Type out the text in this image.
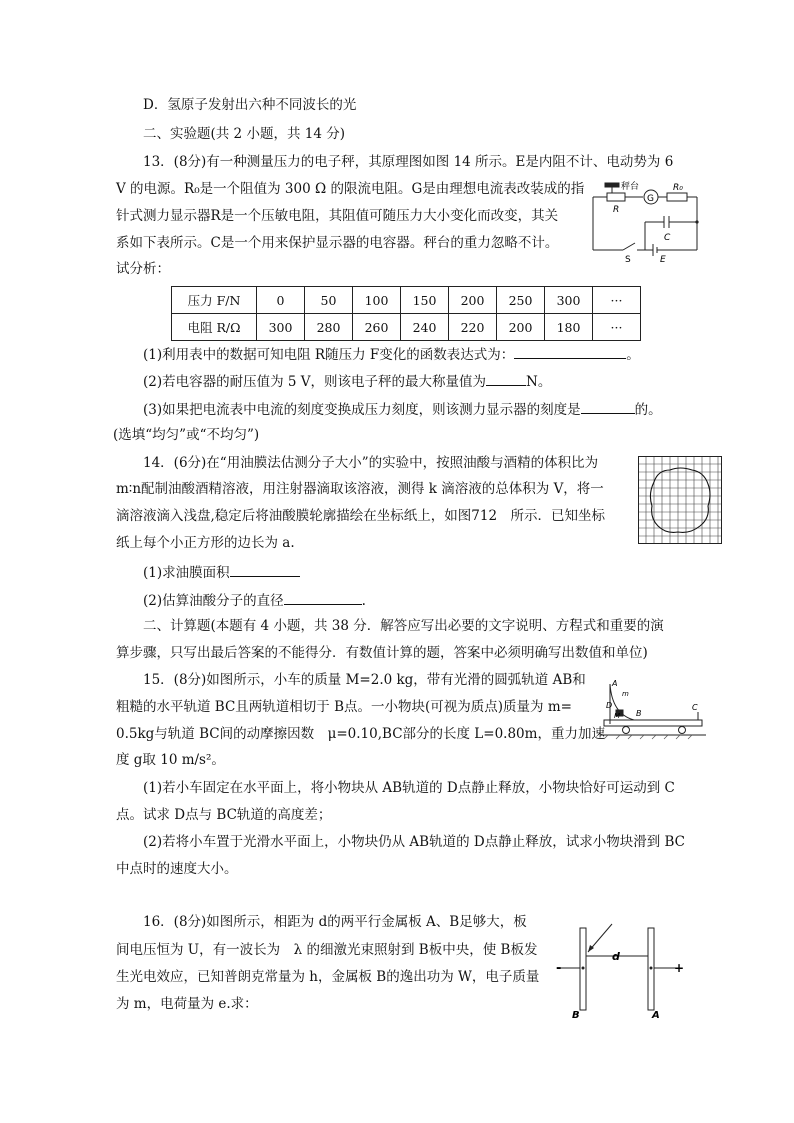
D．氢原子发射出六种不同波长的光
二、实验题(共 2 小题，共 14 分)
13．(8分)有一种测量压力的电子秤，其原理图如图 14 所示。E是内阻不计、电动势为 6
V 的电源。R₀是一个阻值为 300 Ω 的限流电阻。G是由理想电流表改装成的指
针式测力显示器R是一个压敏电阻，其阻值可随压力大小变化而改变，其关
系如下表所示。C是一个用来保护显示器的电容器。秤台的重力忽略不计。
试分析：
秤台	R₀
G
R
C
S	E
压力 F/N	0	50	100	150	200	250	300	···
电阻 R/Ω	300	280	260	240	220	200	180	···
(1)利用表中的数据可知电阻 R随压力 F变化的函数表达式为：	。
(2)若电容器的耐压值为 5 V，则该电子秤的最大称量值为	N。
(3)如果把电流表中电流的刻度变换成压力刻度，则该测力显示器的刻度是	的。
(选填“均匀”或“不均匀”)
14．(6分)在“用油膜法估测分子大小”的实验中，按照油酸与酒精的体积比为
m∶n配制油酸酒精溶液，用注射器滴取该溶液，测得 k 滴溶液的总体积为 V，将一
滴溶液滴入浅盘,稳定后将油酸膜轮廓描绘在坐标纸上，如图712　所示．已知坐标
纸上每个小正方形的边长为 a.
(1)求油膜面积
(2)估算油酸分子的直径	.
二、计算题(本题有 4 小题，共 38 分．解答应写出必要的文字说明、方程式和重要的演
算步骤，只写出最后答案的不能得分．有数值计算的题，答案中必须明确写出数值和单位)
15．(8分)如图所示，小车的质量 M=2.0 kg，带有光滑的圆弧轨道 AB和
粗糙的水平轨道 BC且两轨道相切于 B点。一小物块(可视为质点)质量为 m=
0.5kg与轨道 BC间的动摩擦因数　μ=0.10,BC部分的长度 L=0.80m，重力加速
度 g取 10 m/s²。
A
m
D
M B
C
(1)若小车固定在水平面上，将小物块从 AB轨道的 D点静止释放，小物块恰好可运动到 C
点。试求 D点与 BC轨道的高度差；
(2)若将小车置于光滑水平面上，小物块仍从 AB轨道的 D点静止释放，试求小物块滑到 BC
中点时的速度大小。
16．(8分)如图所示，相距为 d的两平行金属板 A、B足够大，板
间电压恒为 U，有一波长为　λ 的细激光束照射到 B板中央，使 B板发
生光电效应，已知普朗克常量为 h，金属板 B的逸出功为 W，电子质量
为 m，电荷量为 e.求：
d
B	A
-	+
